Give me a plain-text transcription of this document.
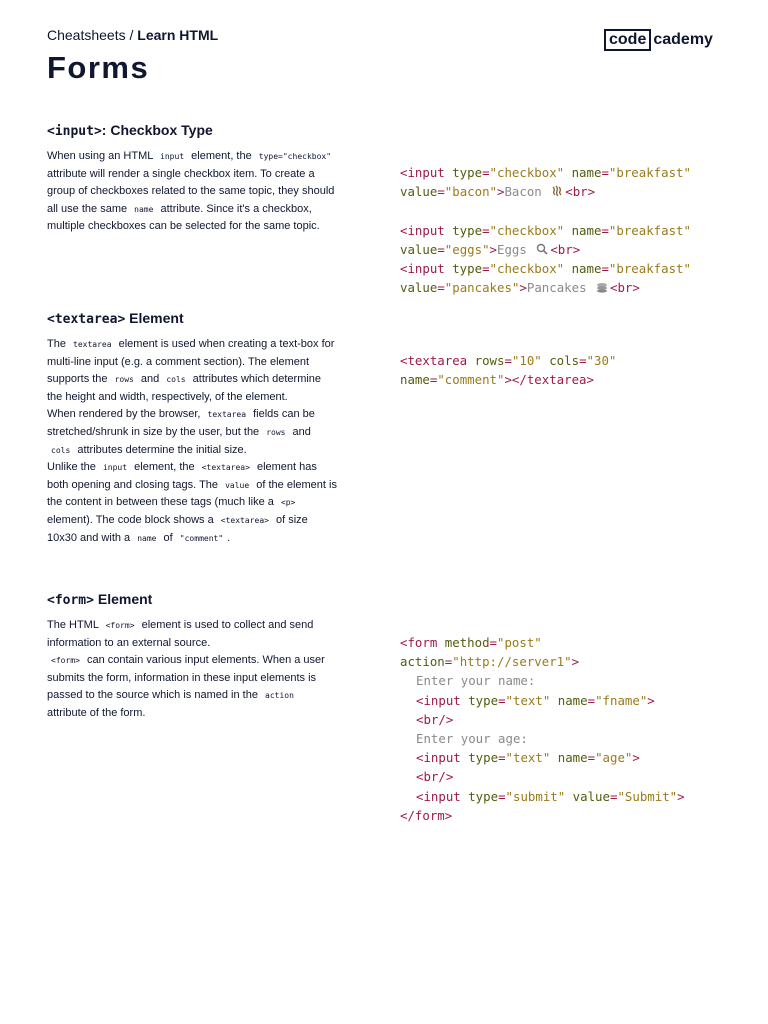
Cheatsheets / Learn HTML	code cademy
Forms
<input>: Checkbox Type

When using an HTML input element, the type="checkbox" attribute will render a single checkbox item. To create a group of checkboxes related to the same topic, they should all use the same name attribute. Since it's a checkbox, multiple checkboxes can be selected for the same topic.

<input type="checkbox" name="breakfast"
value="bacon">Bacon <br>

<input type="checkbox" name="breakfast"
value="eggs">Eggs <br>
<input type="checkbox" name="breakfast"
value="pancakes">Pancakes <br>
<textarea> Element

The textarea element is used when creating a text-box for multi-line input (e.g. a comment section). The element supports the rows and cols attributes which determine the height and width, respectively, of the element.

When rendered by the browser, textarea fields can be stretched/shrunk in size by the user, but the rows and cols attributes determine the initial size.

Unlike the input element, the <textarea> element has both opening and closing tags. The value of the element is the content in between these tags (much like a <p> element). The code block shows a <textarea> of size 10x30 and with a name of "comment" .

<textarea rows="10" cols="30"
name="comment"></textarea>
<form> Element

The HTML <form> element is used to collect and send information to an external source.

<form> can contain various input elements. When a user submits the form, information in these input elements is passed to the source which is named in the action attribute of the form.

<form method="post"
action="http://server1">
Enter your name:
<input type="text" name="fname">
<br/>
Enter your age:
<input type="text" name="age">
<br/>
<input type="submit" value="Submit">
</form>
